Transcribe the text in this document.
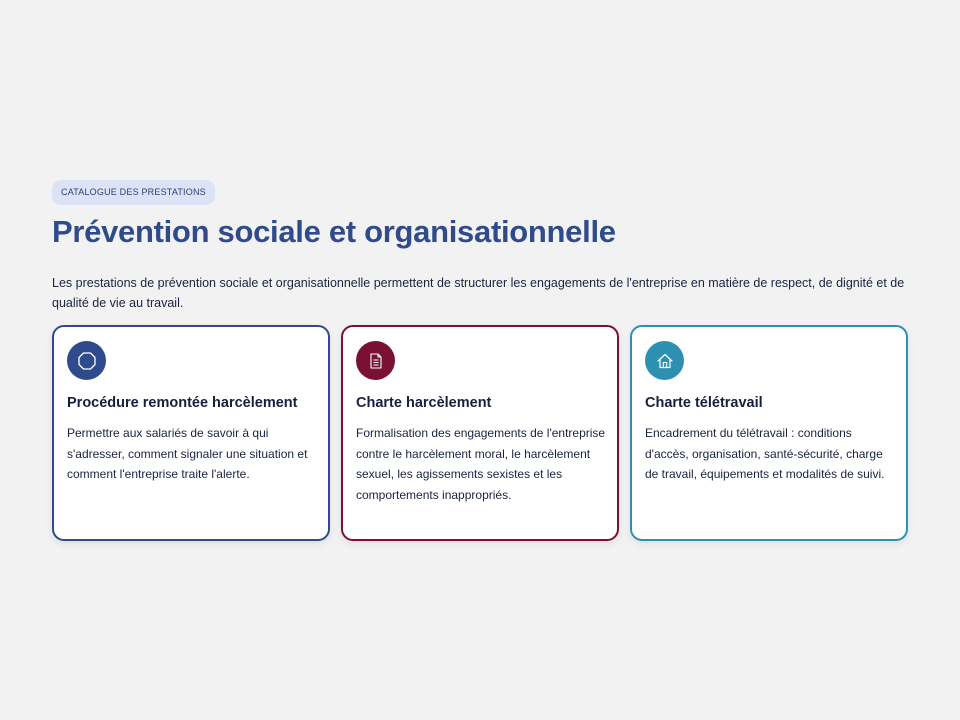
CATALOGUE DES PRESTATIONS
Prévention sociale et organisationnelle

Les prestations de prévention sociale et organisationnelle permettent de structurer les engagements de l'entreprise en matière de respect, de dignité et de qualité de vie au travail.

Procédure remontée harcèlement
Permettre aux salariés de savoir à qui s'adresser, comment signaler une situation et comment l'entreprise traite l'alerte.
Charte harcèlement
Formalisation des engagements de l'entreprise contre le harcèlement moral, le harcèlement sexuel, les agissements sexistes et les comportements inappropriés.
Charte télétravail
Encadrement du télétravail : conditions d'accès, organisation, santé-sécurité, charge de travail, équipements et modalités de suivi.
